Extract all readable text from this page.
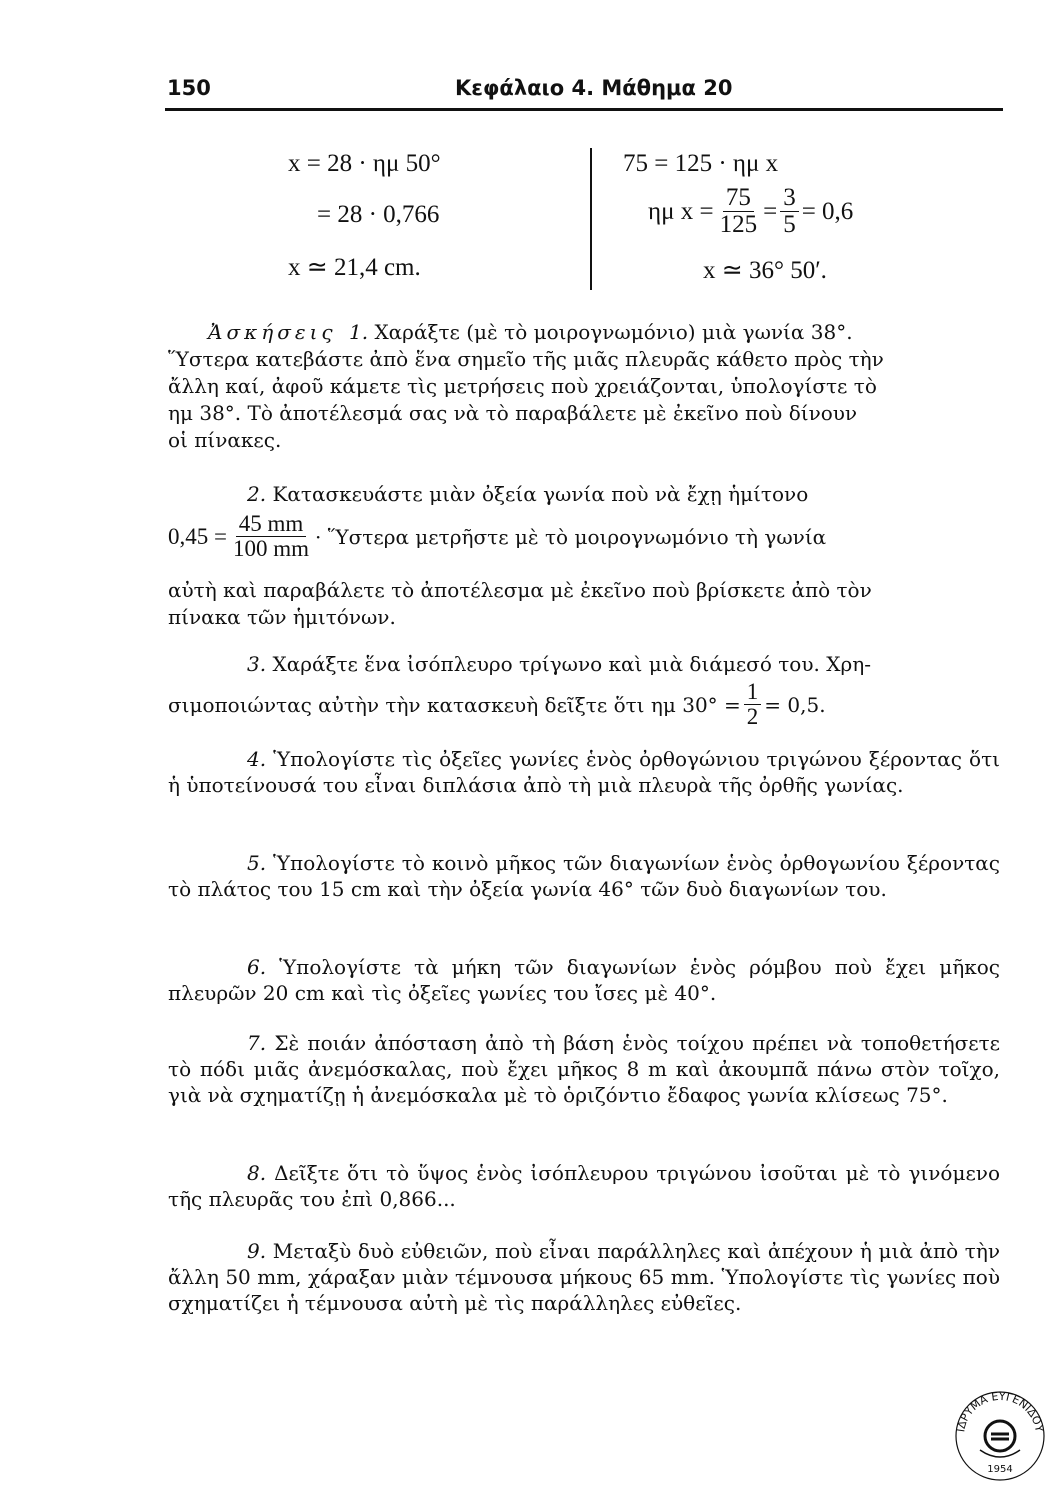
150	Κεφάλαιο 4. Μάθημα 20
x = 28 · ημ 50°
= 28 · 0,766
x ≃ 21,4 cm.
75 = 125 · ημ x
ημ $x = \frac{75}{125} = \frac{3}{5} = 0,6$
x ≃ 36° 50′.
Ἀσκήσεις 1. Χαράξτε (μὲ τὸ μοιρογνωμόνιο) μιὰ γωνία 38°.
Ὕστερα κατεβάστε ἀπὸ ἕνα σημεῖο τῆς μιᾶς πλευρᾶς κάθετο πρὸς τὴν
ἄλλη καί, ἀφοῦ κάμετε τὶς μετρήσεις ποὺ χρειάζονται, ὑπολογίστε τὸ
ημ 38°. Τὸ ἀποτέλεσμά σας νὰ τὸ παραβάλετε μὲ ἐκεῖνο ποὺ δίνουν
οἱ πίνακες.
2. Κατασκευάστε μιὰν ὀξεία γωνία ποὺ νὰ ἔχῃ ἡμίτονο
$0,45 = \frac{45 mm}{100 mm}$ · Ὕστερα μετρῆστε μὲ τὸ μοιρογνωμόνιο τὴ γωνία
αὐτὴ καὶ παραβάλετε τὸ ἀποτέλεσμα μὲ ἐκεῖνο ποὺ βρίσκετε ἀπὸ τὸν
πίνακα τῶν ἡμιτόνων.
3. Χαράξτε ἕνα ἰσόπλευρο τρίγωνο καὶ μιὰ διάμεσό του. Χρη-
σιμοποιώντας αὐτὴν τὴν κατασκευὴ δεῖξτε ὅτι ημ $30^\circ = \frac{1}{2} = 0,5$.
4. Ὑπολογίστε τὶς ὀξεῖες γωνίες ἑνὸς ὀρθογώνιου τριγώνου ξέροντας ὅτι ἡ ὑποτείνουσά του εἶναι διπλάσια ἀπὸ τὴ μιὰ πλευρὰ τῆς ὀρθῆς γωνίας.
5. Ὑπολογίστε τὸ κοινὸ μῆκος τῶν διαγωνίων ἑνὸς ὀρθογωνίου ξέροντας τὸ πλάτος του 15 cm καὶ τὴν ὀξεία γωνία 46° τῶν δυὸ διαγωνίων του.
6. Ὑπολογίστε τὰ μήκη τῶν διαγωνίων ἑνὸς ρόμβου ποὺ ἔχει μῆκος πλευρῶν 20 cm καὶ τὶς ὀξεῖες γωνίες του ἴσες μὲ 40°.
7. Σὲ ποιάν ἀπόσταση ἀπὸ τὴ βάση ἑνὸς τοίχου πρέπει νὰ τοποθετήσετε τὸ πόδι μιᾶς ἀνεμόσκαλας, ποὺ ἔχει μῆκος 8 m καὶ ἀκουμπᾶ πάνω στὸν τοῖχο, γιὰ νὰ σχηματίζῃ ἡ ἀνεμόσκαλα μὲ τὸ ὁριζόντιο ἔδαφος γωνία κλίσεως 75°.
8. Δεῖξτε ὅτι τὸ ὕψος ἑνὸς ἰσόπλευρου τριγώνου ἰσοῦται μὲ τὸ γινόμενο τῆς πλευρᾶς του ἐπὶ 0,866...
9. Μεταξὺ δυὸ εὐθειῶν, ποὺ εἶναι παράλληλες καὶ ἀπέχουν ἡ μιὰ ἀπὸ τὴν ἄλλη 50 mm, χάραξαν μιὰν τέμνουσα μήκους 65 mm. Ὑπολογίστε τὶς γωνίες ποὺ σχηματίζει ἡ τέμνουσα αὐτὴ μὲ τὶς παράλληλες εὐθεῖες.
ΙΔΡΥΜΑ ΕΥΓΕΝΙΔΟΥ
1954
